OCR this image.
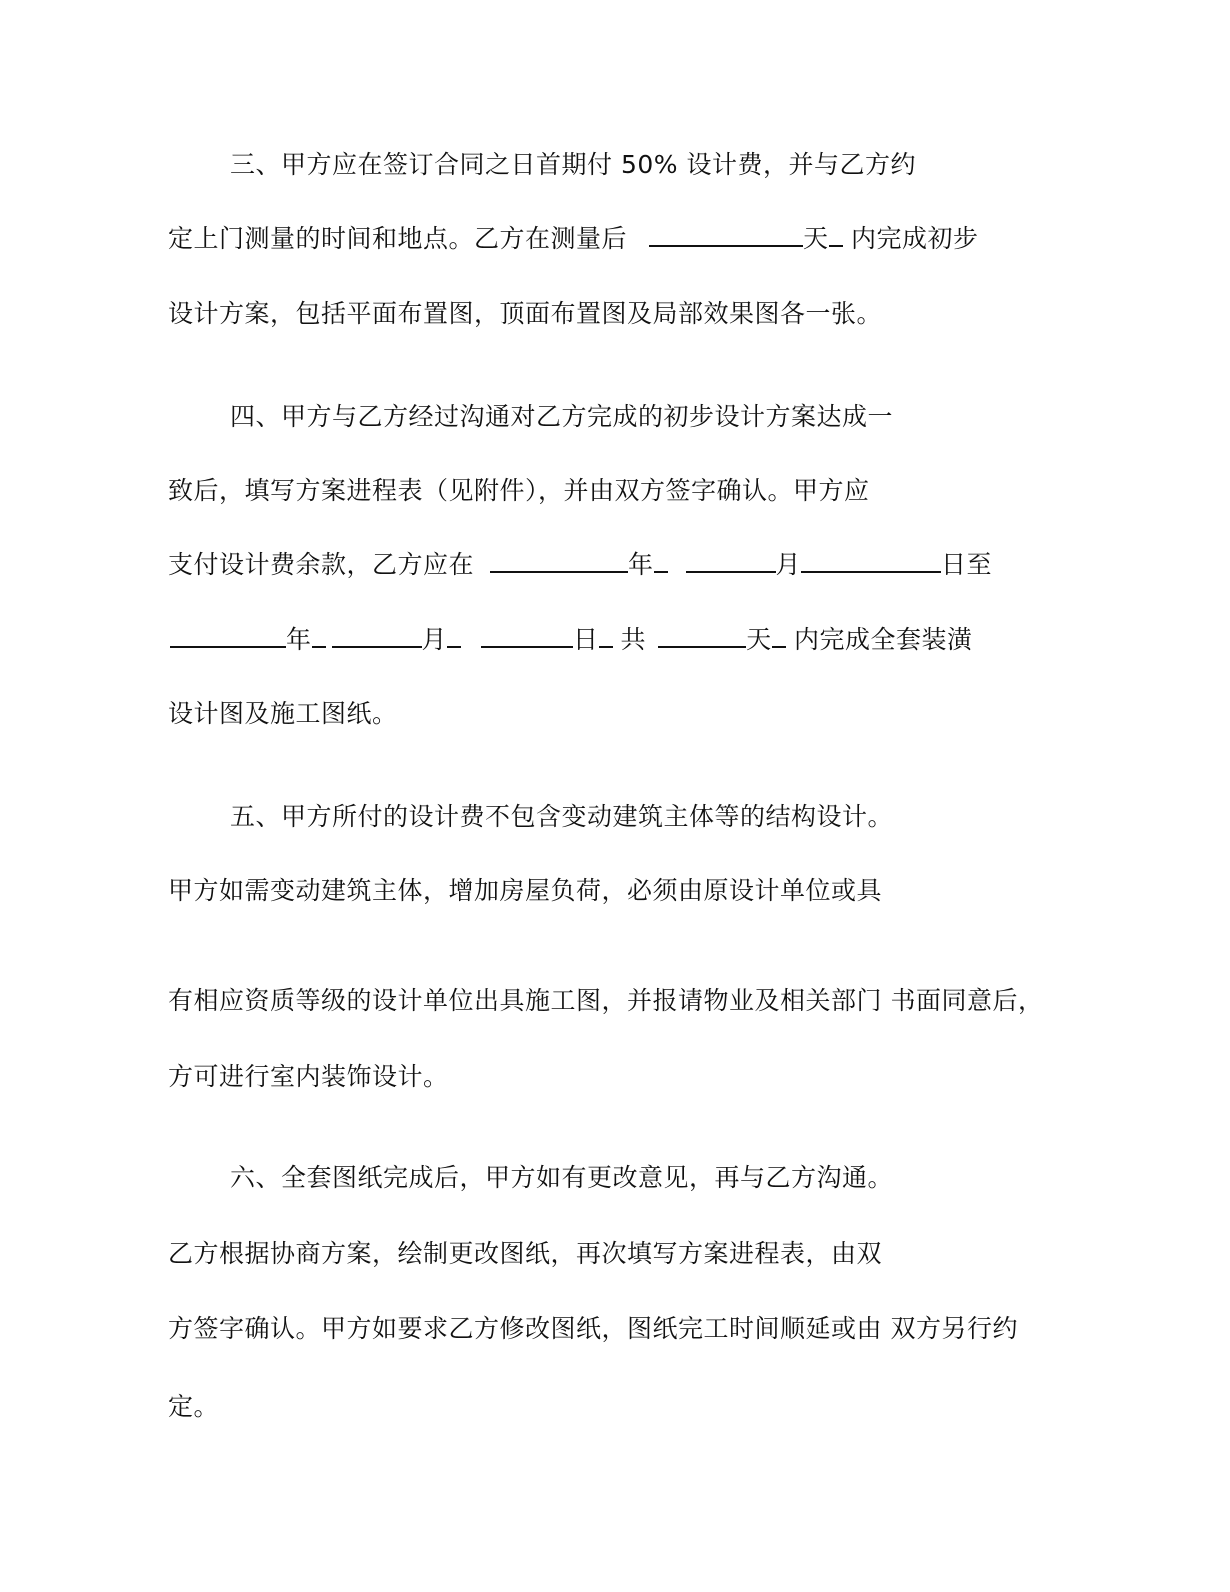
三、甲方应在签订合同之日首期付 50% 设计费，并与乙方约
定上门测量的时间和地点。乙方在测量后	天 内完成初步
设计方案，包括平面布置图，顶面布置图及局部效果图各一张。
四、甲方与乙方经过沟通对乙方完成的初步设计方案达成一
致后，填写方案进程表（见附件），并由双方签字确认。甲方应
支付设计费余款，乙方应在	年	月	日至
年	月	日 共	天 内完成全套装潢
设计图及施工图纸。
五、甲方所付的设计费不包含变动建筑主体等的结构设计。
甲方如需变动建筑主体，增加房屋负荷，必须由原设计单位或具
有相应资质等级的设计单位出具施工图，并报请物业及相关部门 书面同意后，
方可进行室内装饰设计。
六、全套图纸完成后，甲方如有更改意见，再与乙方沟通。
乙方根据协商方案，绘制更改图纸，再次填写方案进程表，由双
方签字确认。甲方如要求乙方修改图纸，图纸完工时间顺延或由 双方另行约
定。
